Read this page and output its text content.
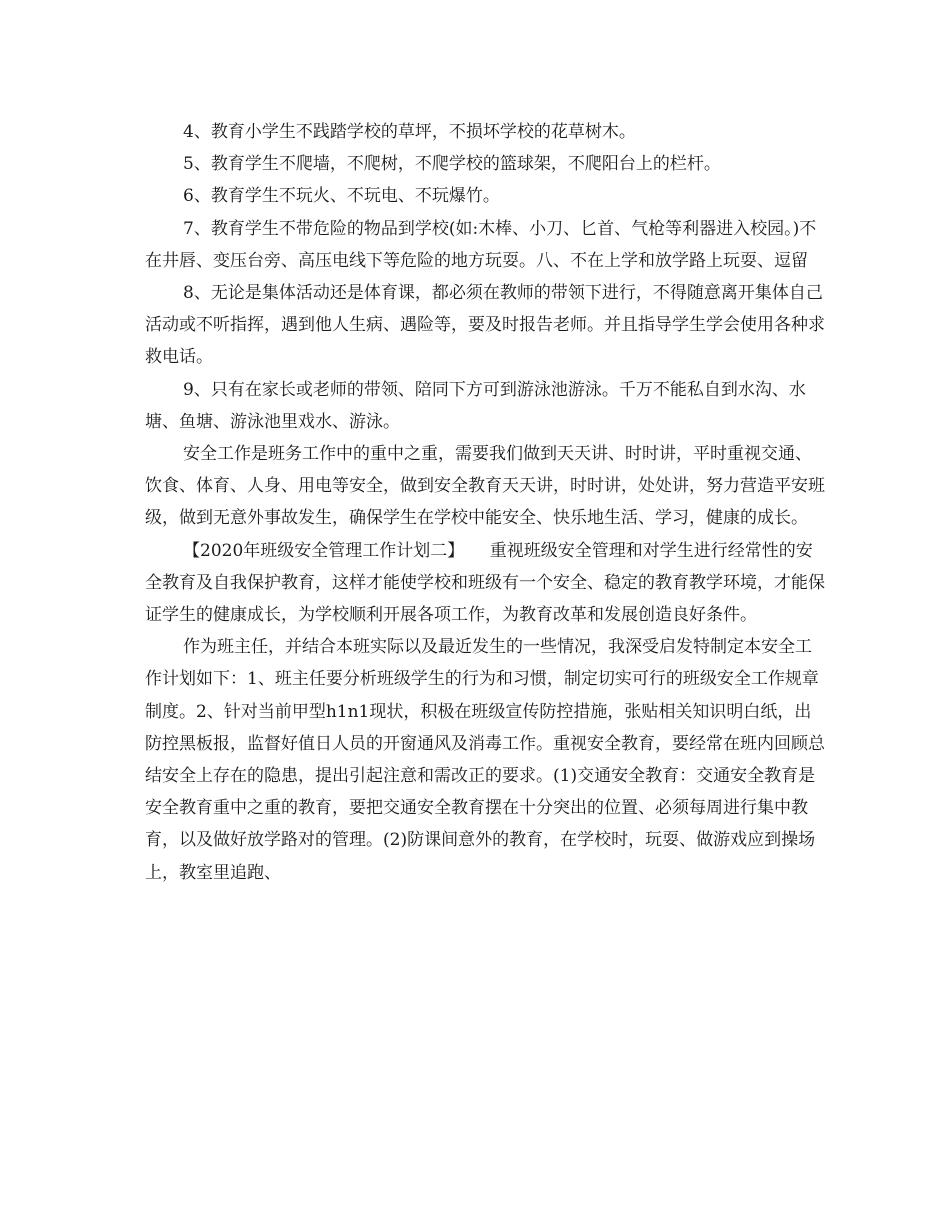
4、教育小学生不践踏学校的草坪，不损坏学校的花草树木。

5、教育学生不爬墙，不爬树，不爬学校的篮球架，不爬阳台上的栏杆。

6、教育学生不玩火、不玩电、不玩爆竹。

7、教育学生不带危险的物品到学校(如:木棒、小刀、匕首、气枪等利器进入校园。)不在井唇、变压台旁、高压电线下等危险的地方玩耍。八、不在上学和放学路上玩耍、逗留

8、无论是集体活动还是体育课，都必须在教师的带领下进行，不得随意离开集体自己活动或不听指挥，遇到他人生病、遇险等，要及时报告老师。并且指导学生学会使用各种求救电话。

9、只有在家长或老师的带领、陪同下方可到游泳池游泳。千万不能私自到水沟、水塘、鱼塘、游泳池里戏水、游泳。

安全工作是班务工作中的重中之重，需要我们做到天天讲、时时讲，平时重视交通、饮食、体育、人身、用电等安全，做到安全教育天天讲，时时讲，处处讲，努力营造平安班级，做到无意外事故发生，确保学生在学校中能安全、快乐地生活、学习，健康的成长。

【2020年班级安全管理工作计划二】　　重视班级安全管理和对学生进行经常性的安全教育及自我保护教育，这样才能使学校和班级有一个安全、稳定的教育教学环境，才能保证学生的健康成长，为学校顺利开展各项工作，为教育改革和发展创造良好条件。

作为班主任，并结合本班实际以及最近发生的一些情况，我深受启发特制定本安全工作计划如下：1、班主任要分析班级学生的行为和习惯，制定切实可行的班级安全工作规章制度。2、针对当前甲型h1n1现状，积极在班级宣传防控措施，张贴相关知识明白纸，出防控黑板报，监督好值日人员的开窗通风及消毒工作。重视安全教育，要经常在班内回顾总结安全上存在的隐患，提出引起注意和需改正的要求。(1)交通安全教育：交通安全教育是安全教育重中之重的教育，要把交通安全教育摆在十分突出的位置、必须每周进行集中教育，以及做好放学路对的管理。(2)防课间意外的教育，在学校时，玩耍、做游戏应到操场上，教室里追跑、
